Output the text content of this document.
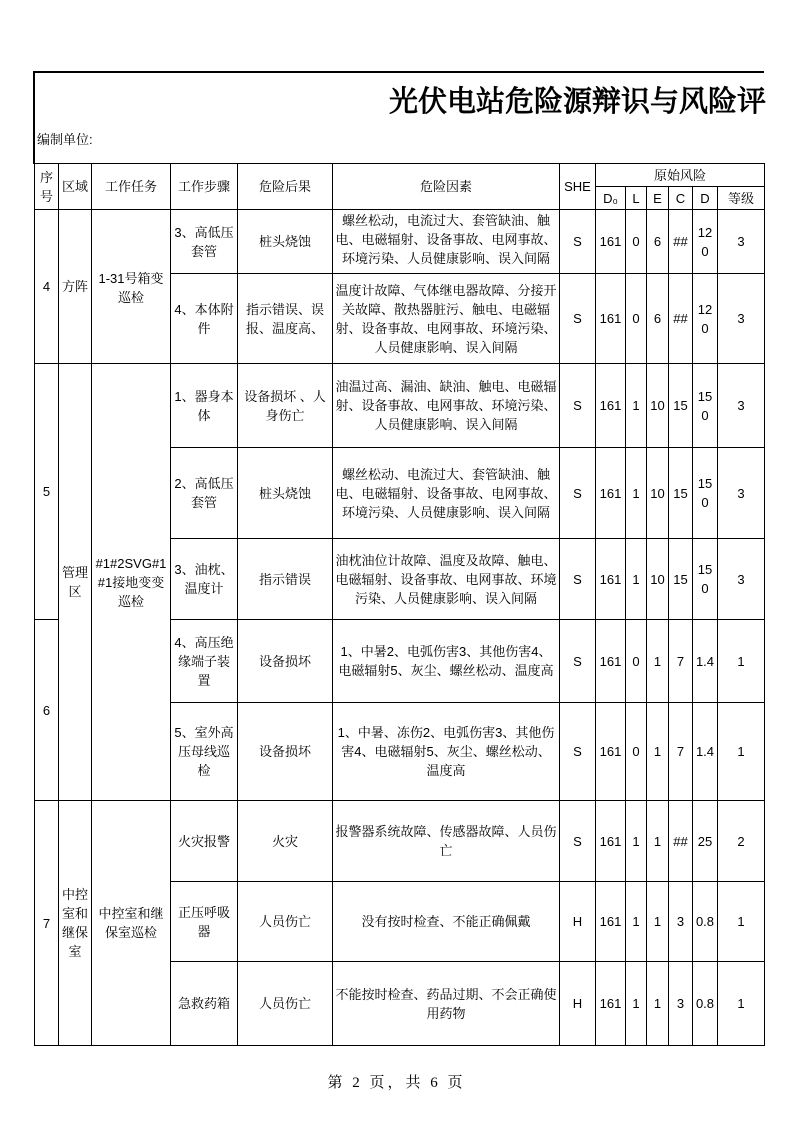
光伏电站危险源辩识与风险评
编制单位:
序号	区域	工作任务	工作步骤	危险后果	危险因素	SHE	原始风险					
							D₀	L	E	C	D	等级
4	方阵	1-31号箱变巡检	3、高低压套管	桩头烧蚀	螺丝松动，电流过大、套管缺油、触电、电磁辐射、设备事故、电网事故、环境污染、人员健康影响、误入间隔	S	161	0	6	##	120	3
			4、本体附件	指示错误、误报、温度高、	温度计故障、气体继电器故障、分接开关故障、散热器脏污、触电、电磁辐射、设备事故、电网事故、环境污染、人员健康影响、误入间隔	S	161	0	6	##	120	3
5	管理区	#1#2SVG#1#1接地变变巡检	1、器身本体	设备损坏 、人身伤亡	油温过高、漏油、缺油、触电、电磁辐射、设备事故、电网事故、环境污染、人员健康影响、误入间隔	S	161	1	10	15	150	3
			2、高低压套管	桩头烧蚀	螺丝松动、电流过大、套管缺油、触电、电磁辐射、设备事故、电网事故、环境污染、人员健康影响、误入间隔	S	161	1	10	15	150	3
			3、油枕、温度计	指示错误	油枕油位计故障、温度及故障、触电、电磁辐射、设备事故、电网事故、环境污染、人员健康影响、误入间隔	S	161	1	10	15	150	3
6			4、高压绝缘端子装置	设备损坏	1、中暑2、电弧伤害3、其他伤害4、电磁辐射5、灰尘、螺丝松动、温度高	S	161	0	1	7	1.4	1
			5、室外高压母线巡检	设备损坏	1、中暑、冻伤2、电弧伤害3、其他伤害4、电磁辐射5、灰尘、螺丝松动、温度高	S	161	0	1	7	1.4	1
7	中控室和继保室	中控室和继保室巡检	火灾报警	火灾	报警器系统故障、传感器故障、人员伤亡	S	161	1	1	##	25	2
			正压呼吸器	人员伤亡	没有按时检查、不能正确佩戴	H	161	1	1	3	0.8	1
			急救药箱	人员伤亡	不能按时检查、药品过期、不会正确使用药物	H	161	1	1	3	0.8	1
第 2 页，共 6 页
